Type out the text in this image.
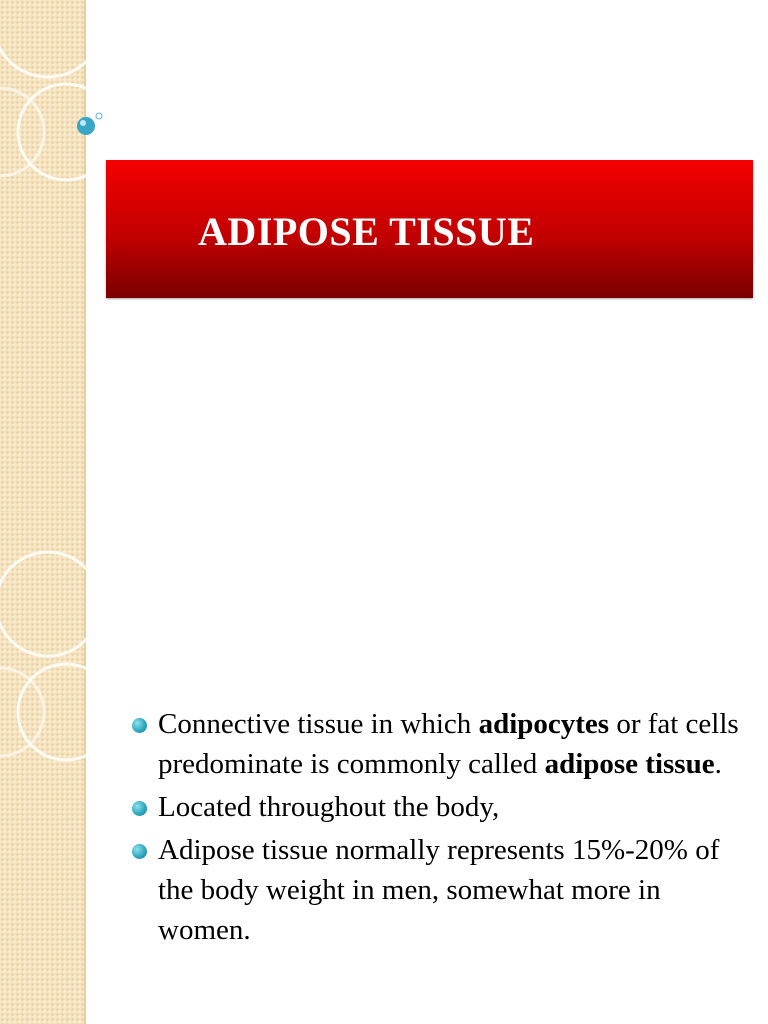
ADIPOSE TISSUE
Connective tissue in which adipocytes or fat cells predominate is commonly called adipose tissue.
Located throughout the body,
Adipose tissue normally represents 15%-20% of the body weight in men, somewhat more in women.
